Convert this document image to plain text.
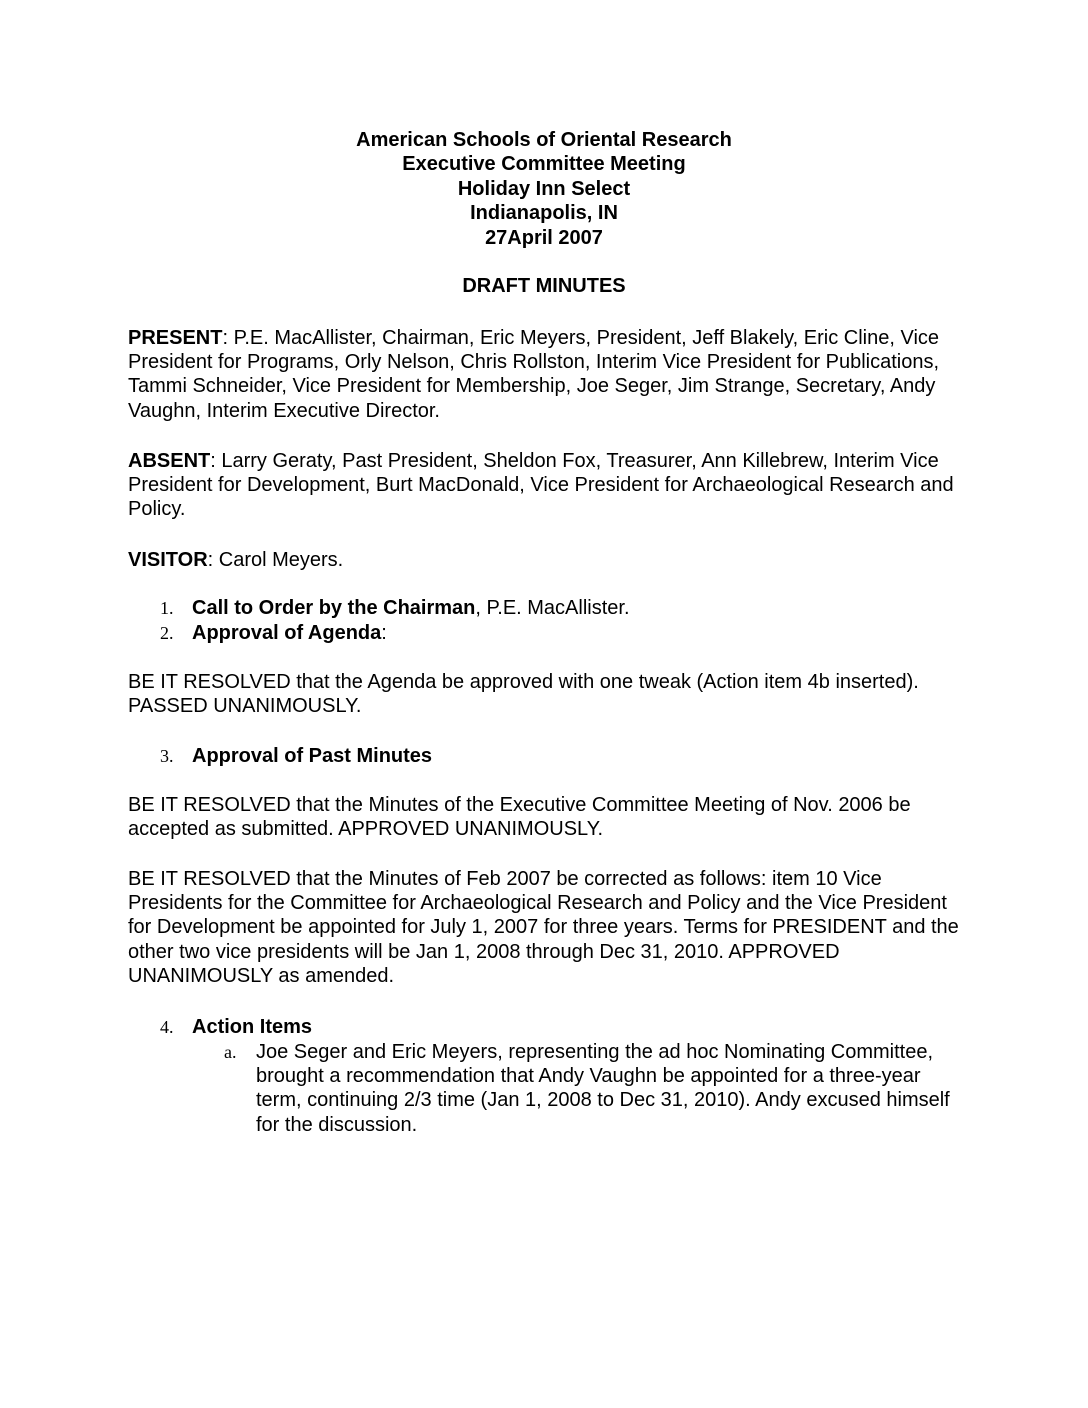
American Schools of Oriental Research
Executive Committee Meeting
Holiday Inn Select
Indianapolis, IN
27April 2007
DRAFT MINUTES

PRESENT: P.E. MacAllister, Chairman, Eric Meyers, President, Jeff Blakely, Eric Cline, Vice President for Programs, Orly Nelson, Chris Rollston, Interim Vice President for Publications, Tammi Schneider, Vice President for Membership, Joe Seger, Jim Strange, Secretary, Andy Vaughn, Interim Executive Director.

ABSENT: Larry Geraty, Past President, Sheldon Fox, Treasurer, Ann Killebrew, Interim Vice President for Development, Burt MacDonald, Vice President for Archaeological Research and Policy.

VISITOR: Carol Meyers.

1. Call to Order by the Chairman, P.E. MacAllister.
2. Approval of Agenda:

BE IT RESOLVED that the Agenda be approved with one tweak (Action item 4b inserted). PASSED UNANIMOUSLY.

3. Approval of Past Minutes

BE IT RESOLVED that the Minutes of the Executive Committee Meeting of Nov. 2006 be accepted as submitted. APPROVED UNANIMOUSLY.

BE IT RESOLVED that the Minutes of Feb 2007 be corrected as follows: item 10 Vice Presidents for the Committee for Archaeological Research and Policy and the Vice President for Development be appointed for July 1, 2007 for three years. Terms for PRESIDENT and the other two vice presidents will be Jan 1, 2008 through Dec 31, 2010. APPROVED UNANIMOUSLY as amended.

4. Action Items
a. Joe Seger and Eric Meyers, representing the ad hoc Nominating Committee, brought a recommendation that Andy Vaughn be appointed for a three-year term, continuing 2/3 time (Jan 1, 2008 to Dec 31, 2010). Andy excused himself for the discussion.
